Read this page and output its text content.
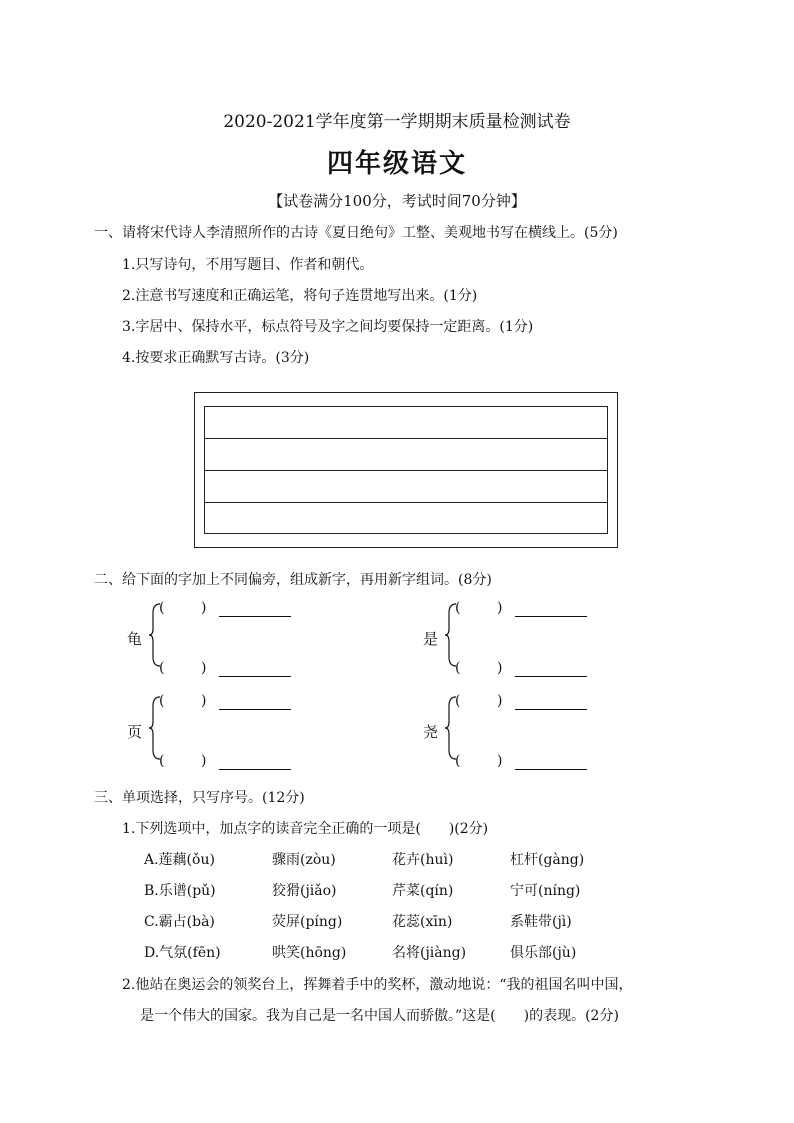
2020-2021学年度第一学期期末质量检测试卷
四年级语文
【试卷满分100分，考试时间70分钟】
一、请将宋代诗人李清照所作的古诗《夏日绝句》工整、美观地书写在横线上。(5分)
1.只写诗句，不用写题目、作者和朝代。
2.注意书写速度和正确运笔，将句子连贯地写出来。(1分)
3.字居中、保持水平，标点符号及字之间均要保持一定距离。(1分)
4.按要求正确默写古诗。(3分)
二、给下面的字加上不同偏旁，组成新字，再用新字组词。(8分)
龟
(	)
(	)
是
(	)
(	)
页
(	)
(	)
尧
(	)
(	)
三、单项选择，只写序号。(12分)
1.下列选项中，加点字的读音完全正确的一项是(　　)(2分)
A.莲藕(ǒu)	骤雨(zòu)	花卉(huì)	杠杆(gàng)
B.乐谱(pǔ)	狡猾(jiǎo)	芹菜(qín)	宁可(níng)
C.霸占(bà)	荧屏(píng)	花蕊(xīn)	系鞋带(jì)
D.气氛(fēn)	哄笑(hōng)	名将(jiàng)	俱乐部(jù)
2.他站在奥运会的领奖台上，挥舞着手中的奖杯，激动地说：“我的祖国名叫中国，
是一个伟大的国家。我为自己是一名中国人而骄傲。”这是(　　)的表现。(2分)
